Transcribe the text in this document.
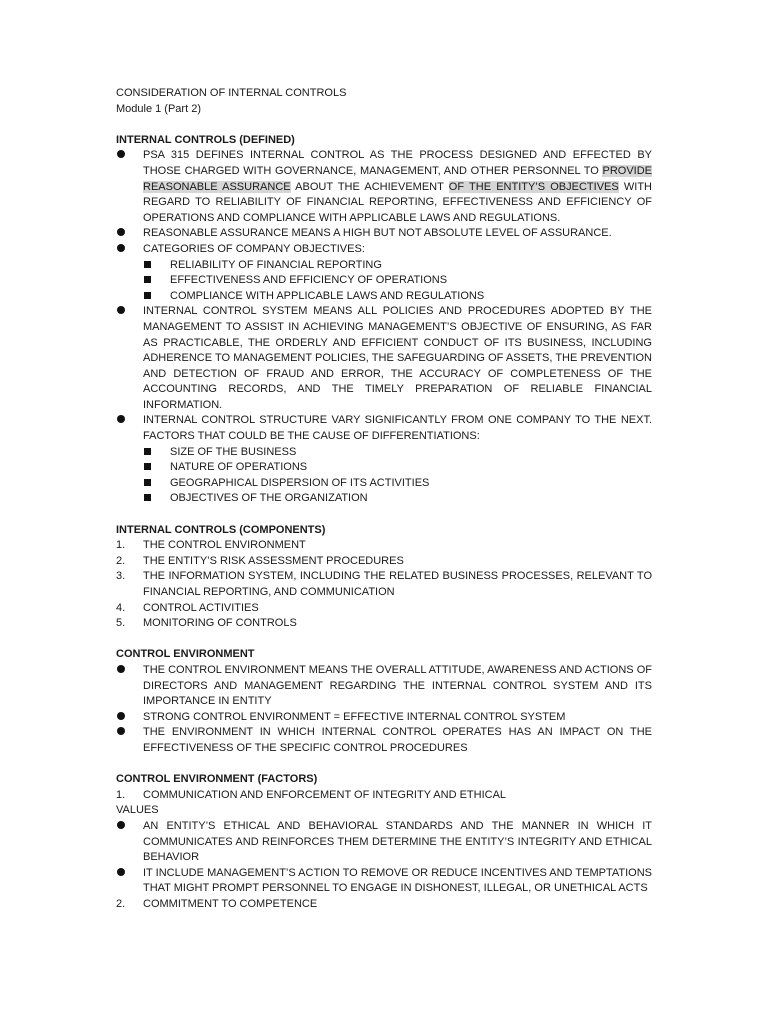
CONSIDERATION OF INTERNAL CONTROLS
Module 1 (Part 2)
INTERNAL CONTROLS (DEFINED)
PSA 315 DEFINES INTERNAL CONTROL AS THE PROCESS DESIGNED AND EFFECTED BY THOSE CHARGED WITH GOVERNANCE, MANAGEMENT, AND OTHER PERSONNEL TO PROVIDE REASONABLE ASSURANCE ABOUT THE ACHIEVEMENT OF THE ENTITY’S OBJECTIVES WITH REGARD TO RELIABILITY OF FINANCIAL REPORTING, EFFECTIVENESS AND EFFICIENCY OF OPERATIONS AND COMPLIANCE WITH APPLICABLE LAWS AND REGULATIONS.
REASONABLE ASSURANCE MEANS A HIGH BUT NOT ABSOLUTE LEVEL OF ASSURANCE.
CATEGORIES OF COMPANY OBJECTIVES:
RELIABILITY OF FINANCIAL REPORTING
EFFECTIVENESS AND EFFICIENCY OF OPERATIONS
COMPLIANCE WITH APPLICABLE LAWS AND REGULATIONS
INTERNAL CONTROL SYSTEM MEANS ALL POLICIES AND PROCEDURES ADOPTED BY THE MANAGEMENT TO ASSIST IN ACHIEVING MANAGEMENT’S OBJECTIVE OF ENSURING, AS FAR AS PRACTICABLE, THE ORDERLY AND EFFICIENT CONDUCT OF ITS BUSINESS, INCLUDING ADHERENCE TO MANAGEMENT POLICIES, THE SAFEGUARDING OF ASSETS, THE PREVENTION AND DETECTION OF FRAUD AND ERROR, THE ACCURACY OF COMPLETENESS OF THE ACCOUNTING RECORDS, AND THE TIMELY PREPARATION OF RELIABLE FINANCIAL INFORMATION.
INTERNAL CONTROL STRUCTURE VARY SIGNIFICANTLY FROM ONE COMPANY TO THE NEXT. FACTORS THAT COULD BE THE CAUSE OF DIFFERENTIATIONS:
SIZE OF THE BUSINESS
NATURE OF OPERATIONS
GEOGRAPHICAL DISPERSION OF ITS ACTIVITIES
OBJECTIVES OF THE ORGANIZATION
INTERNAL CONTROLS (COMPONENTS)
1.	THE CONTROL ENVIRONMENT
2.	THE ENTITY’S RISK ASSESSMENT PROCEDURES
3.	THE INFORMATION SYSTEM, INCLUDING THE RELATED BUSINESS PROCESSES, RELEVANT TO FINANCIAL REPORTING, AND COMMUNICATION
4.	CONTROL ACTIVITIES
5.	MONITORING OF CONTROLS
CONTROL ENVIRONMENT
THE CONTROL ENVIRONMENT MEANS THE OVERALL ATTITUDE, AWARENESS AND ACTIONS OF DIRECTORS AND MANAGEMENT REGARDING THE INTERNAL CONTROL SYSTEM AND ITS IMPORTANCE IN ENTITY
STRONG CONTROL ENVIRONMENT = EFFECTIVE INTERNAL CONTROL SYSTEM
THE ENVIRONMENT IN WHICH INTERNAL CONTROL OPERATES HAS AN IMPACT ON THE EFFECTIVENESS OF THE SPECIFIC CONTROL PROCEDURES
CONTROL ENVIRONMENT (FACTORS)
1.	COMMUNICATION AND ENFORCEMENT OF INTEGRITY AND ETHICAL
VALUES
AN ENTITY’S ETHICAL AND BEHAVIORAL STANDARDS AND THE MANNER IN WHICH IT COMMUNICATES AND REINFORCES THEM DETERMINE THE ENTITY’S INTEGRITY AND ETHICAL BEHAVIOR
IT INCLUDE MANAGEMENT’S ACTION TO REMOVE OR REDUCE INCENTIVES AND TEMPTATIONS THAT MIGHT PROMPT PERSONNEL TO ENGAGE IN DISHONEST, ILLEGAL, OR UNETHICAL ACTS
2.	COMMITMENT TO COMPETENCE
